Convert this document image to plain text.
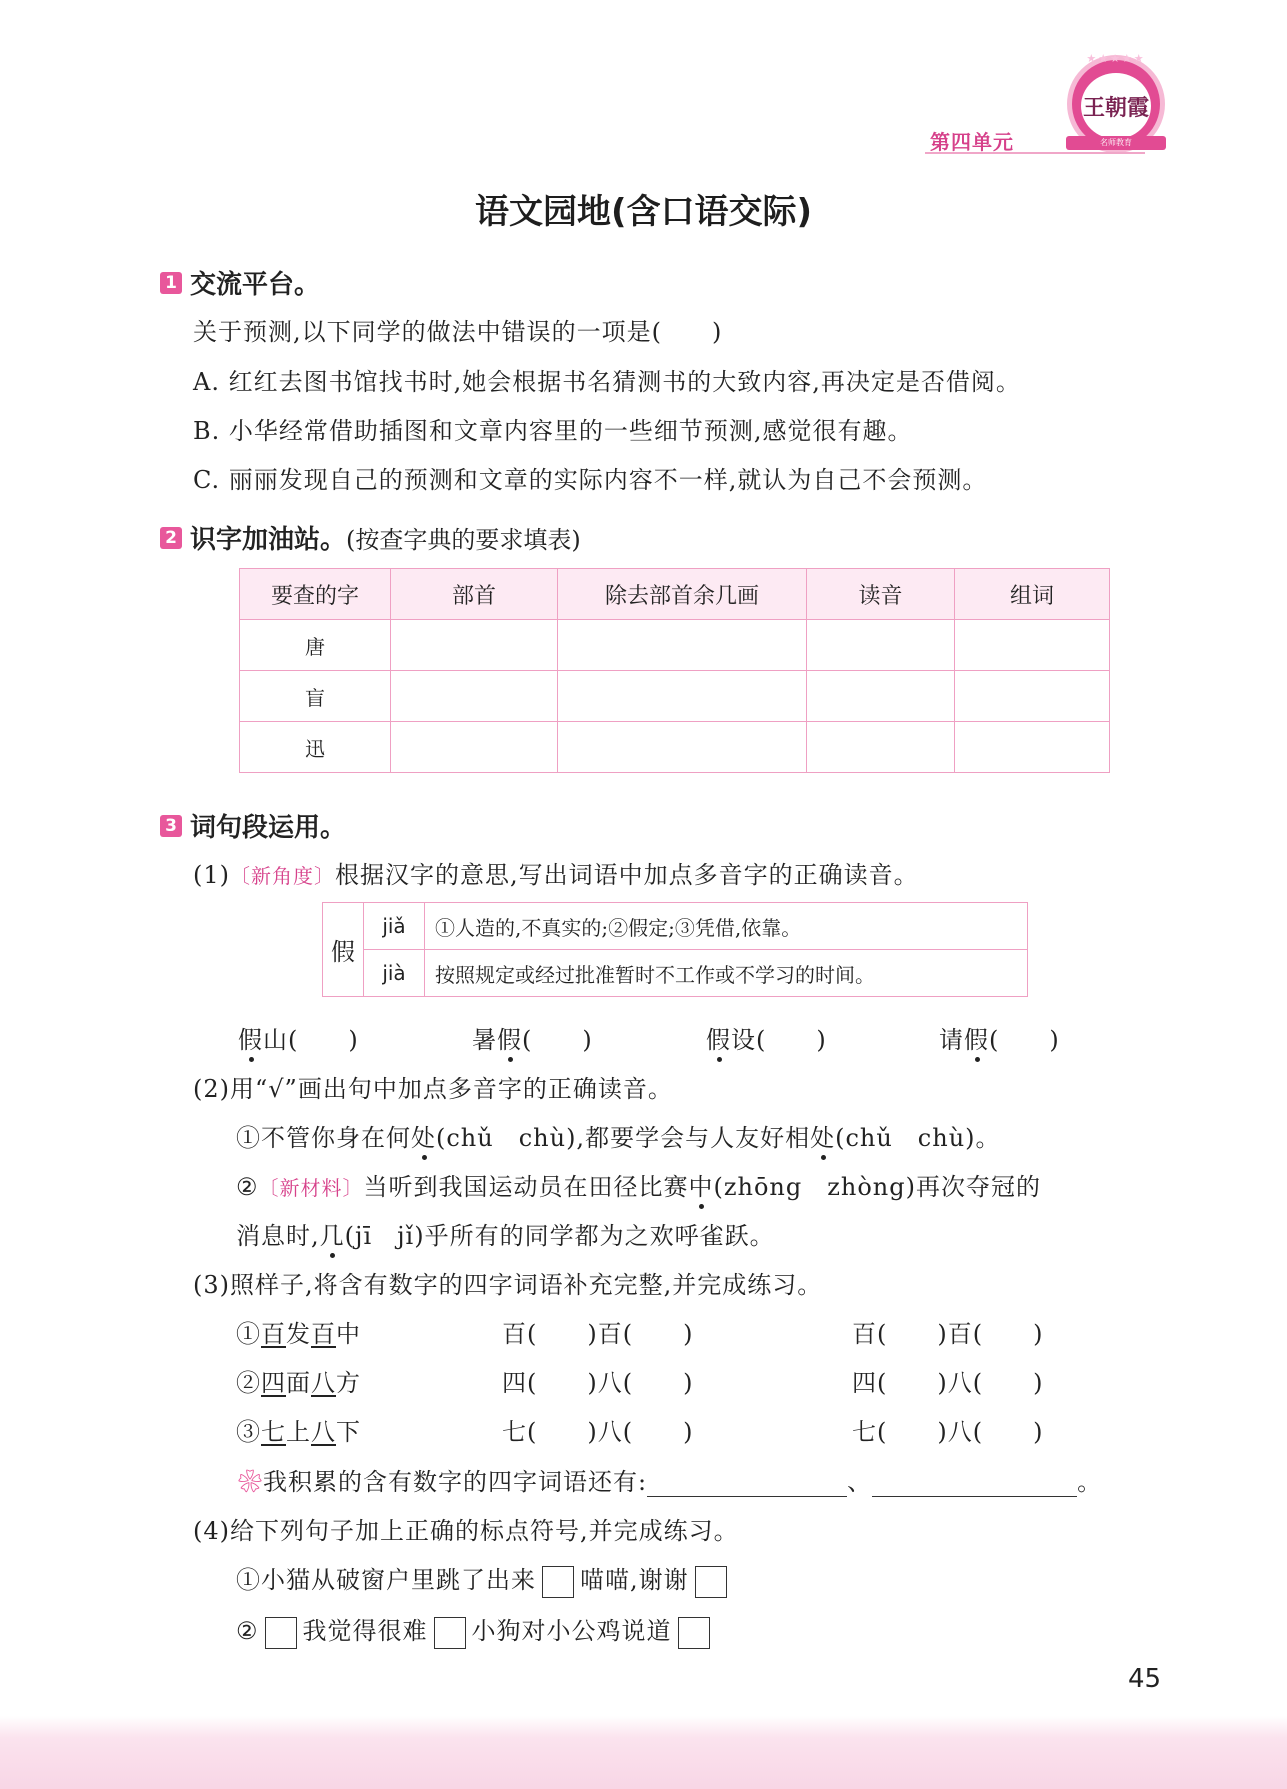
★★★★★
王朝霞
名师教育
第四单元
语文园地(含口语交际)
1 交流平台。
关于预测,以下同学的做法中错误的一项是(　　)
A. 红红去图书馆找书时,她会根据书名猜测书的大致内容,再决定是否借阅。
B. 小华经常借助插图和文章内容里的一些细节预测,感觉很有趣。
C. 丽丽发现自己的预测和文章的实际内容不一样,就认为自己不会预测。
2 识字加油站。 (按查字典的要求填表)
要查的字	部首	除去部首余几画	读音	组词
唐				
盲				
迅				
3 词句段运用。
(1)〔新角度〕根据汉字的意思,写出词语中加点多音字的正确读音。
假	jiǎ	①人造的,不真实的;②假定;③凭借,依靠。
	jià	按照规定或经过批准暂时不工作或不学习的时间。
假山(　　)	暑假(　　)	假设(　　)	请假(　　)
(2)用“√”画出句中加点多音字的正确读音。
①不管你身在何处(chǔ　chù),都要学会与人友好相处(chǔ　chù)。
②〔新材料〕当听到我国运动员在田径比赛中(zhōng　zhòng)再次夺冠的
消息时,几(jī　jǐ)乎所有的同学都为之欢呼雀跃。
(3)照样子,将含有数字的四字词语补充完整,并完成练习。
①百发百中	百(　　)百(　　)	百(　　)百(　　)
②四面八方	四(　　)八(　　)	四(　　)八(　　)
③七上八下	七(　　)八(　　)	七(　　)八(　　)
❀我积累的含有数字的四字词语还有:	、	。
(4)给下列句子加上正确的标点符号,并完成练习。
①小猫从破窗户里跳了出来 喵喵,谢谢
② 我觉得很难 小狗对小公鸡说道
45
